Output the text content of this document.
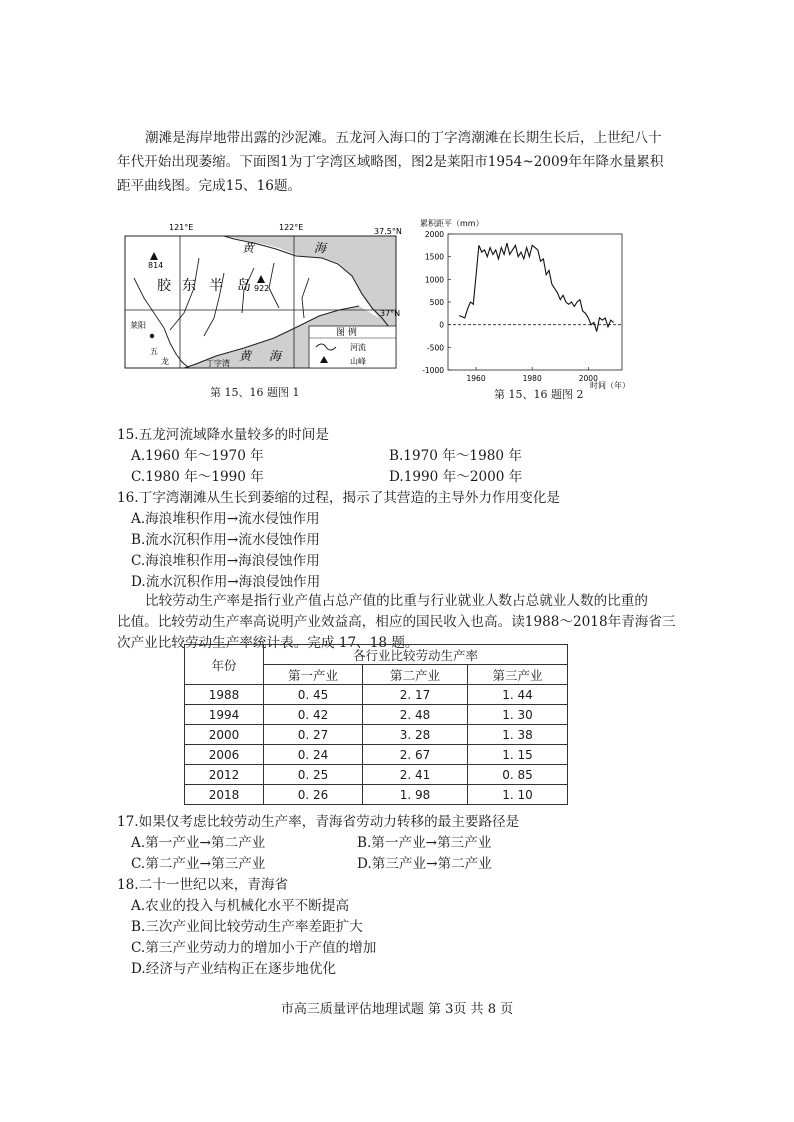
潮滩是海岸地带出露的沙泥滩。五龙河入海口的丁字湾潮滩在长期生长后，上世纪八十
年代开始出现萎缩。下面图1为丁字湾区域略图，图2是莱阳市1954~2009年年降水量累积
距平曲线图。完成15、16题。
121°E	122°E	37.5°N
37°N
黄	海
黄 海
胶 东 半 岛
814
922
莱阳
五
龙	丁字湾
图 例
河流
山峰
第 15、16 题图 1
累积距平（mm）
时间（年）
2000
1500
1000
500
0
-500
-1000
1960	1980	2000
第 15、16 题图 2
15.五龙河流域降水量较多的时间是
A.1960 年～1970 年	B.1970 年～1980 年
C.1980 年～1990 年	D.1990 年～2000 年
16.丁字湾潮滩从生长到萎缩的过程，揭示了其营造的主导外力作用变化是
A.海浪堆积作用→流水侵蚀作用
B.流水沉积作用→流水侵蚀作用
C.海浪堆积作用→海浪侵蚀作用
D.流水沉积作用→海浪侵蚀作用
比较劳动生产率是指行业产值占总产值的比重与行业就业人数占总就业人数的比重的
比值。比较劳动生产率高说明产业效益高，相应的国民收入也高。读1988～2018年青海省三
次产业比较劳动生产率统计表。完成 17、18 题。
年份	各行业比较劳动生产率		
	第一产业	第二产业	第三产业
1988	0. 45	2. 17	1. 44
1994	0. 42	2. 48	1. 30
2000	0. 27	3. 28	1. 38
2006	0. 24	2. 67	1. 15
2012	0. 25	2. 41	0. 85
2018	0. 26	1. 98	1. 10
17.如果仅考虑比较劳动生产率，青海省劳动力转移的最主要路径是
A.第一产业→第二产业	B.第一产业→第三产业
C.第二产业→第三产业	D.第三产业→第二产业
18.二十一世纪以来，青海省
A.农业的投入与机械化水平不断提高
B.三次产业间比较劳动生产率差距扩大
C.第三产业劳动力的增加小于产值的增加
D.经济与产业结构正在逐步地优化
市高三质量评估地理试题 第 3页 共 8 页
